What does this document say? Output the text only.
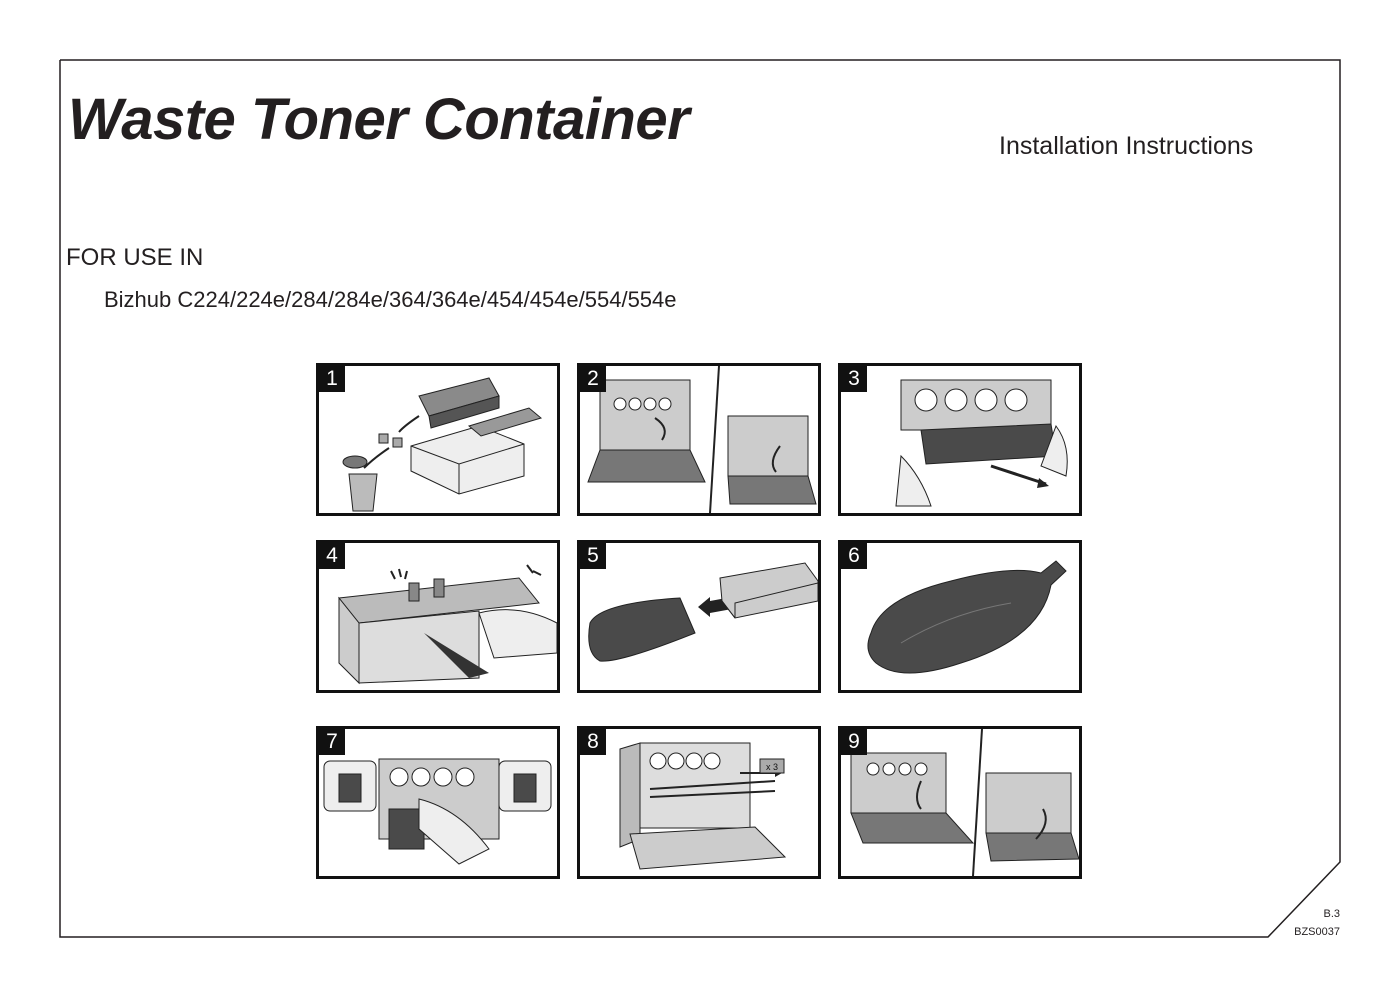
Waste Toner Container	Installation Instructions
FOR USE IN
Bizhub C224/224e/284/284e/364/364e/454/454e/554/554e
1	2	3
4	5	6
7	8
x 3
9
B.3
BZS0037
